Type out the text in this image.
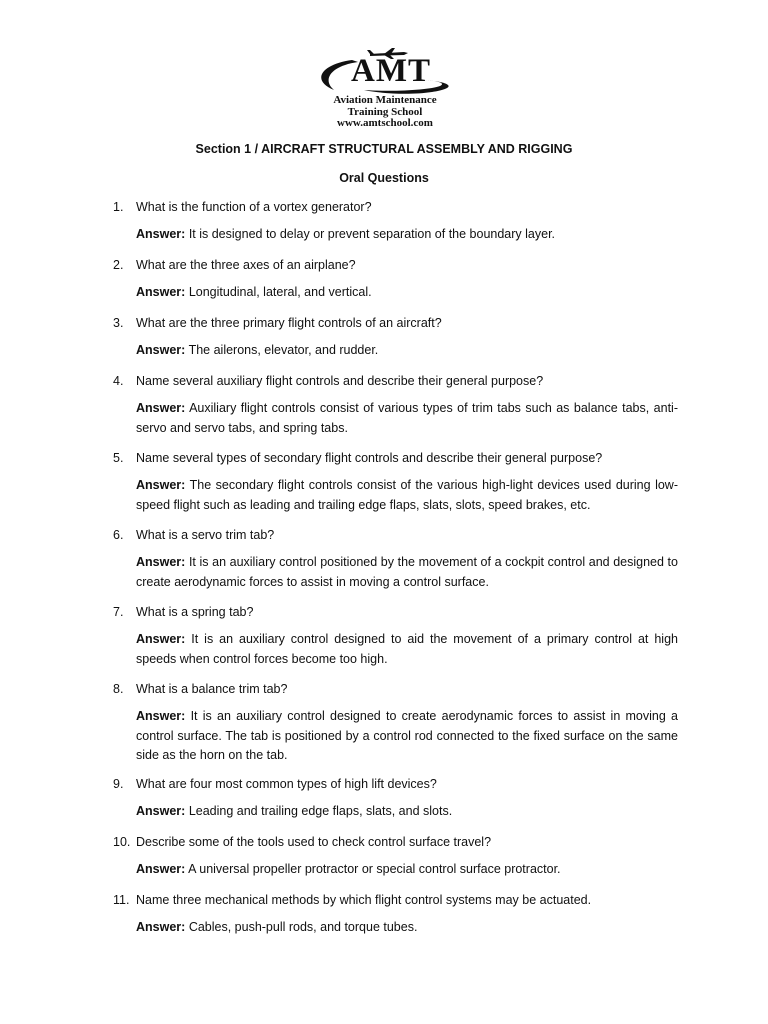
AMT
Aviation Maintenance
Training School
www.amtschool.com
Section 1 / AIRCRAFT STRUCTURAL ASSEMBLY AND RIGGING
Oral Questions
1.	What is the function of a vortex generator?
Answer: It is designed to delay or prevent separation of the boundary layer.
2.	What are the three axes of an airplane?
Answer: Longitudinal, lateral, and vertical.
3.	What are the three primary flight controls of an aircraft?
Answer: The ailerons, elevator, and rudder.
4.	Name several auxiliary flight controls and describe their general purpose?
Answer: Auxiliary flight controls consist of various types of trim tabs such as balance tabs, anti-servo and servo tabs, and spring tabs.
5.	Name several types of secondary flight controls and describe their general purpose?
Answer: The secondary flight controls consist of the various high-light devices used during low-speed flight such as leading and trailing edge flaps, slats, slots, speed brakes, etc.
6.	What is a servo trim tab?
Answer: It is an auxiliary control positioned by the movement of a cockpit control and designed to create aerodynamic forces to assist in moving a control surface.
7.	What is a spring tab?
Answer: It is an auxiliary control designed to aid the movement of a primary control at high speeds when control forces become too high.
8.	What is a balance trim tab?
Answer: It is an auxiliary control designed to create aerodynamic forces to assist in moving a control surface. The tab is positioned by a control rod connected to the fixed surface on the same side as the horn on the tab.
9.	What are four most common types of high lift devices?
Answer: Leading and trailing edge flaps, slats, and slots.
10. Describe some of the tools used to check control surface travel?
Answer: A universal propeller protractor or special control surface protractor.
11. Name three mechanical methods by which flight control systems may be actuated.
Answer: Cables, push-pull rods, and torque tubes.
